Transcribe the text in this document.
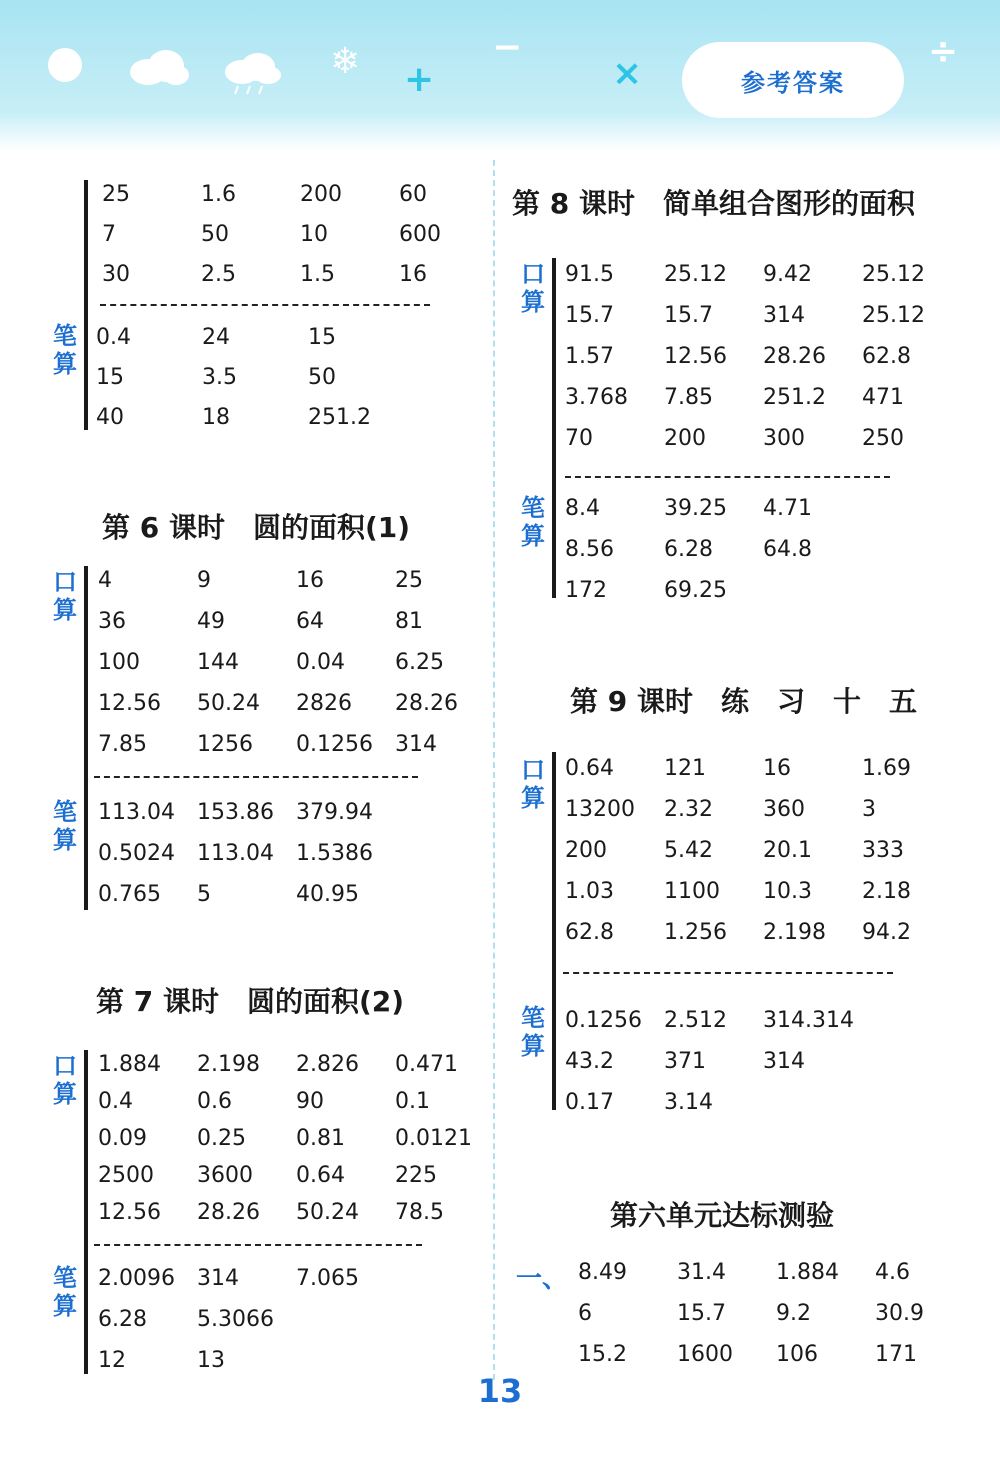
❄ +
−
×
÷
参考答案
25	1.6	200	60
7	50	10	600
30	2.5	1.5	16
笔
算
0.4	24	15
15	3.5	50
40	18	251.2
第 6 课时　圆的面积(1)
口
算
4	9	16	25
36	49	64	81
100	144	0.04	6.25
12.56	50.24	2826	28.26
7.85	1256	0.1256	314
笔
算
113.04	153.86	379.94
0.5024	113.04	1.5386
0.765	5	40.95
第 7 课时　圆的面积(2)
口
算
1.884	2.198	2.826	0.471
0.4	0.6	90	0.1
0.09	0.25	0.81	0.0121
2500	3600	0.64	225
12.56	28.26	50.24	78.5
笔
算
2.0096	314	7.065
6.28	5.3066
12	13
第 8 课时　简单组合图形的面积
口
算
91.5	25.12	9.42	25.12
15.7	15.7	314	25.12
1.57	12.56	28.26	62.8
3.768	7.85	251.2	471
70	200	300	250
笔
算
8.4	39.25	4.71
8.56	6.28	64.8
172	69.25
第 9 课时　练　习　十　五
口
算
0.64	121	16	1.69
13200	2.32	360	3
200	5.42	20.1	333
1.03	1100	10.3	2.18
62.8	1.256	2.198	94.2
笔
算
0.1256	2.512	314.314
43.2	371	314
0.17	3.14
第六单元达标测验
一、 8.49	31.4	1.884	4.6
6	15.7	9.2	30.9
15.2	1600	106	171
13
